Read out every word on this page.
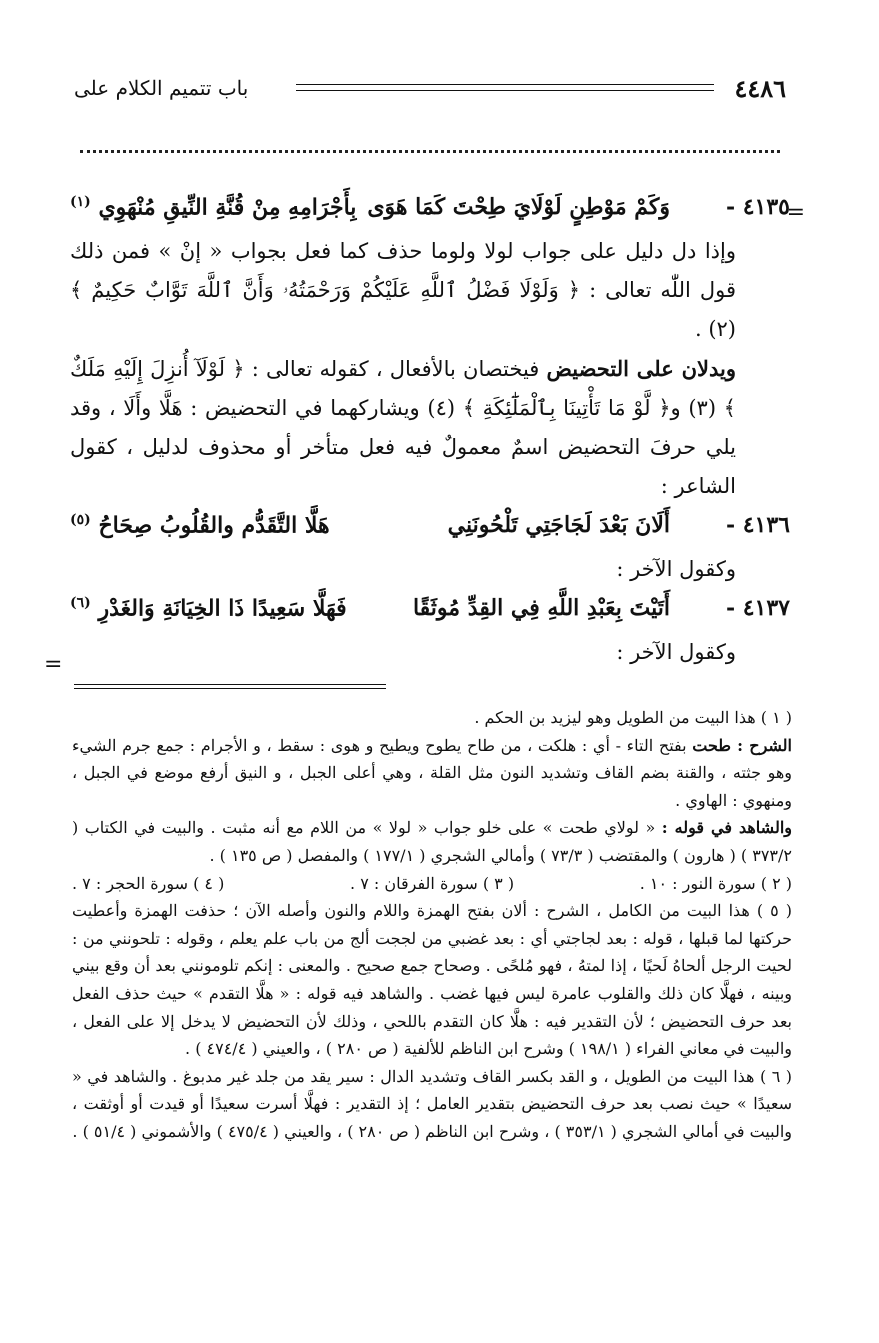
٤٤٨٦
باب تتميم الكلام على
=
=
٤١٣٥ -
وَكَمْ مَوْطِنٍ لَوْلَايَ طِحْتَ كَمَا هَوَى
بِأَجْرَامِهِ مِنْ قُنَّةِ النِّيقِ مُنْهَوِي $^{(١)}$

وإذا دل دليل على جواب لولا ولوما حذف كما فعل بجواب « إنْ » فمن ذلك قول اللّٰه تعالى : ﴿ وَلَوْلَا فَضْلُ ٱللَّهِ عَلَيْكُمْ وَرَحْمَتُهُۥ وَأَنَّ ٱللَّهَ تَوَّابٌ حَكِيمٌ ﴾ (٢) .

ويدلان على التحضيض فيختصان بالأفعال ، كقوله تعالى : ﴿ لَوْلَآ أُنزِلَ إِلَيْهِ مَلَكٌ ﴾ (٣) و﴿ لَّوْ مَا تَأْتِينَا بِٱلْمَلَٰٓئِكَةِ ﴾ (٤) ويشاركهما في التحضيض : هَلَّا وأَلَا ، وقد يلي حرفَ التحضيض اسمٌ معمولٌ فيه فعل متأخر أو محذوف لدليل ، كقول الشاعر :

٤١٣٦ -
أَلَانَ بَعْدَ لَجَاجَتِي تَلْحُونَنِي
هَلَّا التَّقَدُّم والقُلُوبُ صِحَاحُ $^{(٥)}$

وكقول الآخر :

٤١٣٧ -
أَتَيْتَ بِعَبْدِ اللَّهِ فِي القِدِّ مُوثَقًا
فَهَلَّا سَعِيدًا ذَا الخِيَانَةِ وَالغَدْرِ $^{(٦)}$

وكقول الآخر :

( ١ ) هذا البيت من الطويل وهو ليزيد بن الحكم .

الشرح : طحت بفتح التاء - أي : هلكت ، من طاح يطوح ويطيح و هوى : سقط ، و الأجرام : جمع جرم الشيء وهو جثته ، والقنة بضم القاف وتشديد النون مثل القلة ، وهي أعلى الجبل ، و النيق أرفع موضع في الجبل ، ومنهوي : الهاوي .

والشاهد في قوله : « لولاي طحت » على خلو جواب « لولا » من اللام مع أنه مثبت . والبيت في الكتاب ( ٣٧٣/٢ ) ( هارون ) والمقتضب ( ٧٣/٣ ) وأمالي الشجري ( ١٧٧/١ ) والمفصل ( ص ١٣٥ ) .

( ٢ ) سورة النور : ١٠ .
( ٣ ) سورة الفرقان : ٧ .
( ٤ ) سورة الحجر : ٧ .

( ٥ ) هذا البيت من الكامل ، الشرح : ألان بفتح الهمزة واللام والنون وأصله الآن ؛ حذفت الهمزة وأعطيت حركتها لما قبلها ، قوله : بعد لجاجتي أي : بعد غضبي من لججت ألج من باب علم يعلم ، وقوله : تلحونني من : لحيت الرجل ألحاهُ لَحيًا ، إذا لمتهُ ، فهو مُلحًى . وصحاح جمع صحيح . والمعنى : إنكم تلومونني بعد أن وقع بيني وبينه ، فهلَّا كان ذلك والقلوب عامرة ليس فيها غضب . والشاهد فيه قوله : « هلَّا التقدم » حيث حذف الفعل بعد حرف التحضيض ؛ لأن التقدير فيه : هلَّا كان التقدم باللحي ، وذلك لأن التحضيض لا يدخل إلا على الفعل ، والبيت في معاني الفراء ( ١٩٨/١ ) وشرح ابن الناظم للألفية ( ص ٢٨٠ ) ، والعيني ( ٤٧٤/٤ ) .

( ٦ ) هذا البيت من الطويل ، و القد بكسر القاف وتشديد الدال : سير يقد من جلد غير مدبوغ . والشاهد في « سعيدًا » حيث نصب بعد حرف التحضيض بتقدير العامل ؛ إذ التقدير : فهلَّا أسرت سعيدًا أو قيدت أو أوثقت ، والبيت في أمالي الشجري ( ٣٥٣/١ ) ، وشرح ابن الناظم ( ص ٢٨٠ ) ، والعيني ( ٤٧٥/٤ ) والأشموني ( ٥١/٤ ) .
